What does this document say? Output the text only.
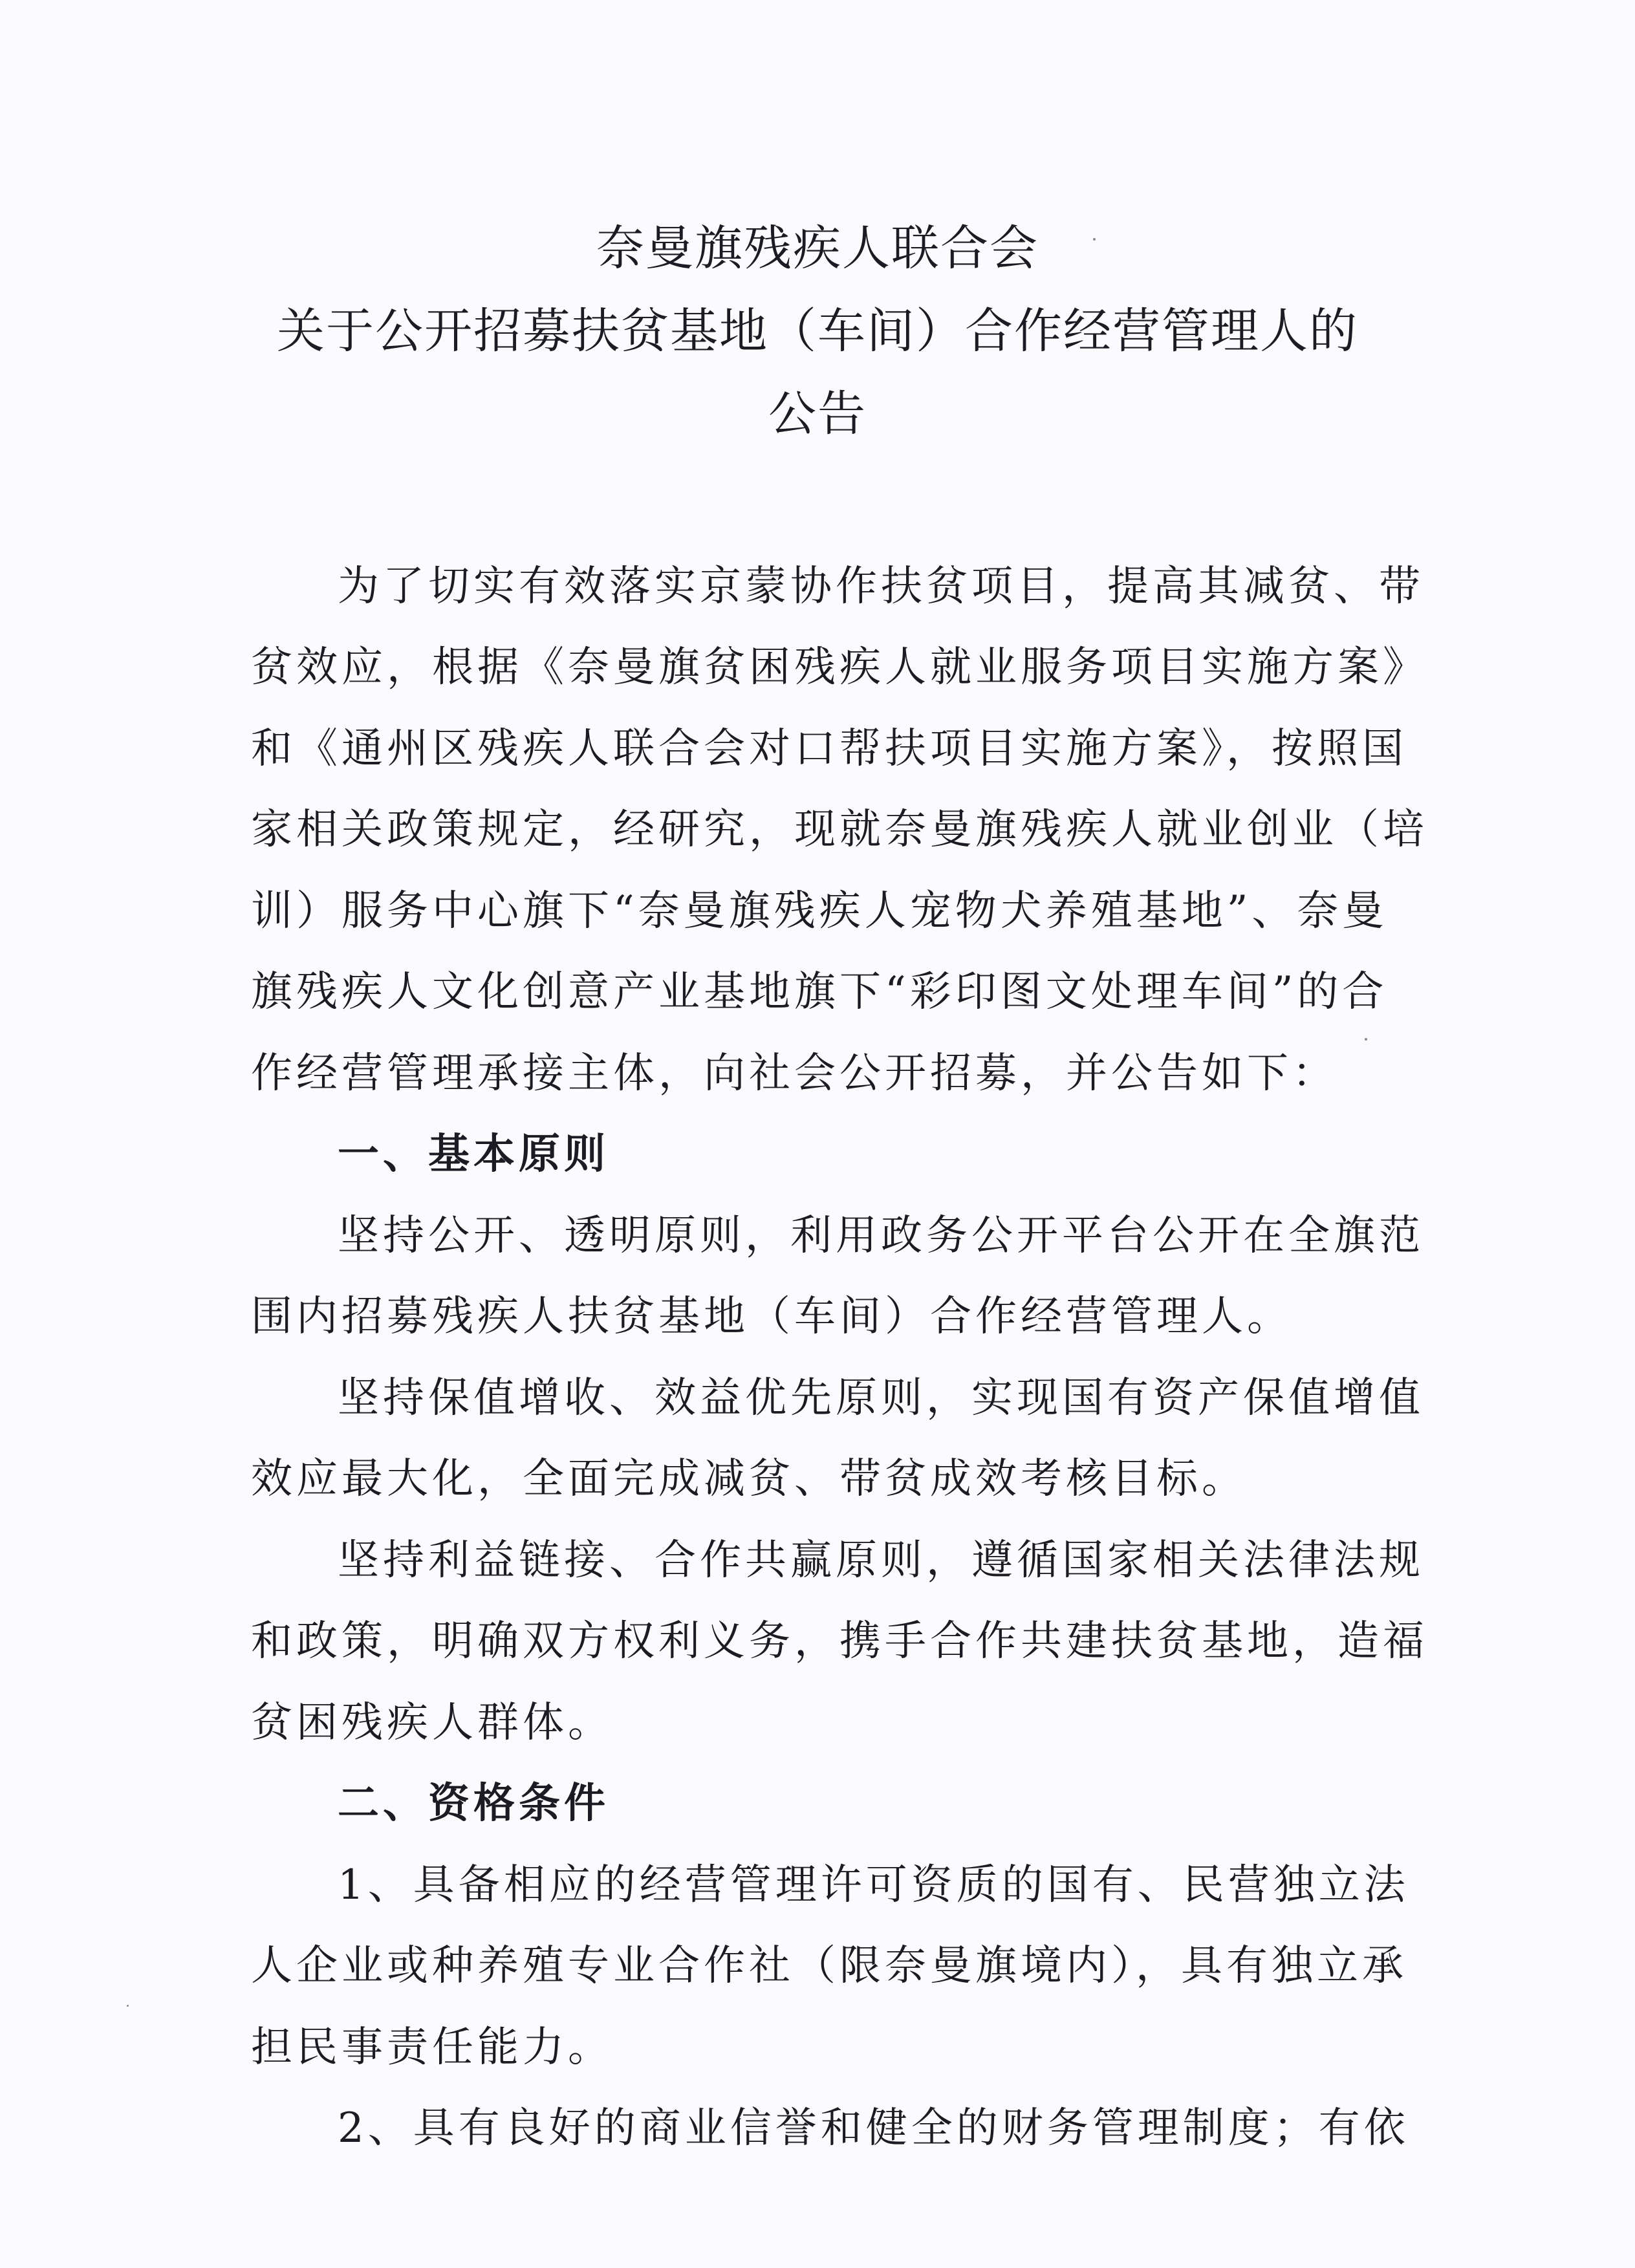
奈曼旗残疾人联合会
关于公开招募扶贫基地（车间）合作经营管理人的
公告
为了切实有效落实京蒙协作扶贫项目，提高其减贫、带
贫效应，根据《奈曼旗贫困残疾人就业服务项目实施方案》
和《通州区残疾人联合会对口帮扶项目实施方案》，按照国
家相关政策规定，经研究，现就奈曼旗残疾人就业创业（培
训）服务中心旗下“奈曼旗残疾人宠物犬养殖基地”、奈曼
旗残疾人文化创意产业基地旗下“彩印图文处理车间”的合
作经营管理承接主体，向社会公开招募，并公告如下：
一、基本原则
坚持公开、透明原则，利用政务公开平台公开在全旗范
围内招募残疾人扶贫基地（车间）合作经营管理人。
坚持保值增收、效益优先原则，实现国有资产保值增值
效应最大化，全面完成减贫、带贫成效考核目标。
坚持利益链接、合作共赢原则，遵循国家相关法律法规
和政策，明确双方权利义务，携手合作共建扶贫基地，造福
贫困残疾人群体。
二、资格条件
1、具备相应的经营管理许可资质的国有、民营独立法
人企业或种养殖专业合作社（限奈曼旗境内），具有独立承
担民事责任能力。
2、具有良好的商业信誉和健全的财务管理制度；有依
